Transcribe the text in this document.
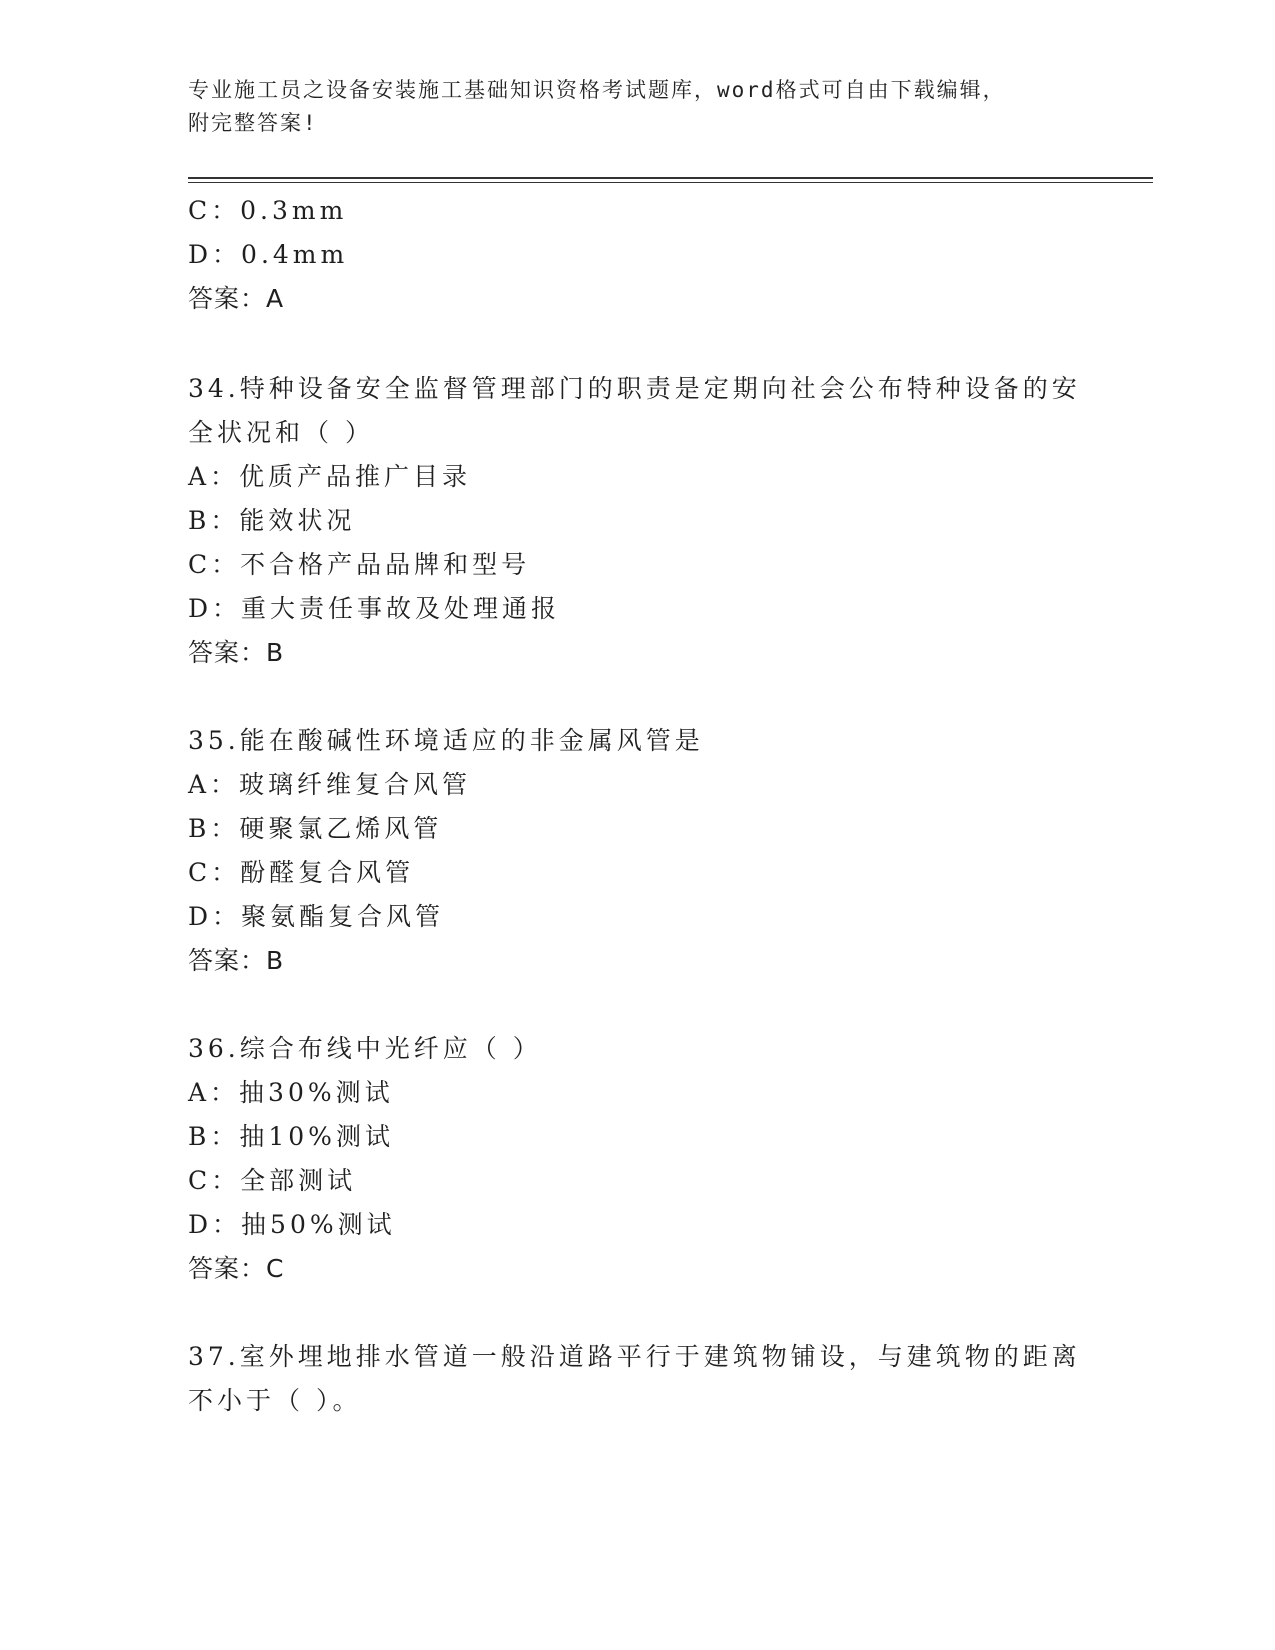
专业施工员之设备安装施工基础知识资格考试题库，word格式可自由下载编辑，
附完整答案!
C：0.3mm
D：0.4mm
答案：A
34.特种设备安全监督管理部门的职责是定期向社会公布特种设备的安
全状况和（ ）
A：优质产品推广目录
B：能效状况
C：不合格产品品牌和型号
D：重大责任事故及处理通报
答案：B
35.能在酸碱性环境适应的非金属风管是
A：玻璃纤维复合风管
B：硬聚氯乙烯风管
C：酚醛复合风管
D：聚氨酯复合风管
答案：B
36.综合布线中光纤应（ ）
A：抽30%测试
B：抽10%测试
C：全部测试
D：抽50%测试
答案：C
37.室外埋地排水管道一般沿道路平行于建筑物铺设，与建筑物的距离
不小于（ ）。
